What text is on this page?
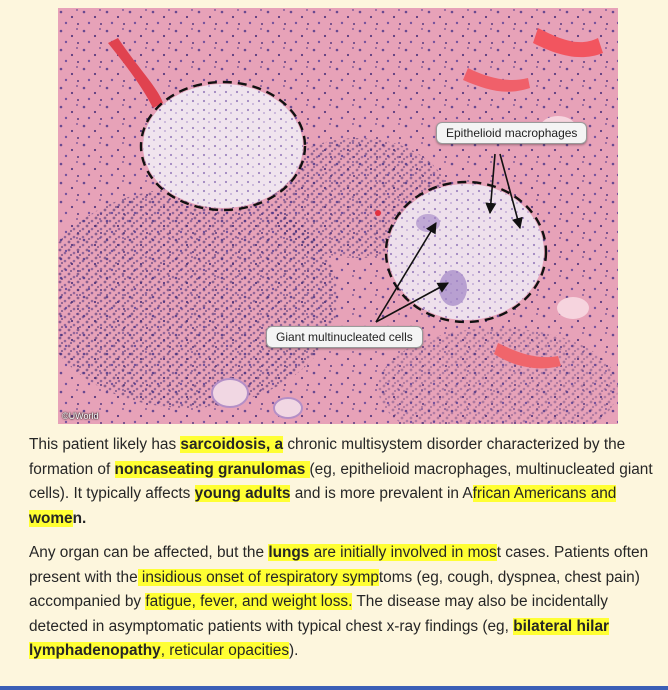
Epithelioid macrophages
Giant multinucleated cells
©UWorld

This patient likely has sarcoidosis, a chronic multisystem disorder characterized by the formation of noncaseating granulomas (eg, epithelioid macrophages, multinucleated giant cells). It typically affects young adults and is more prevalent in African Americans and women.

Any organ can be affected, but the lungs are initially involved in most cases. Patients often present with the insidious onset of respiratory symptoms (eg, cough, dyspnea, chest pain) accompanied by fatigue, fever, and weight loss. The disease may also be incidentally detected in asymptomatic patients with typical chest x-ray findings (eg, bilateral hilar lymphadenopathy, reticular opacities).
